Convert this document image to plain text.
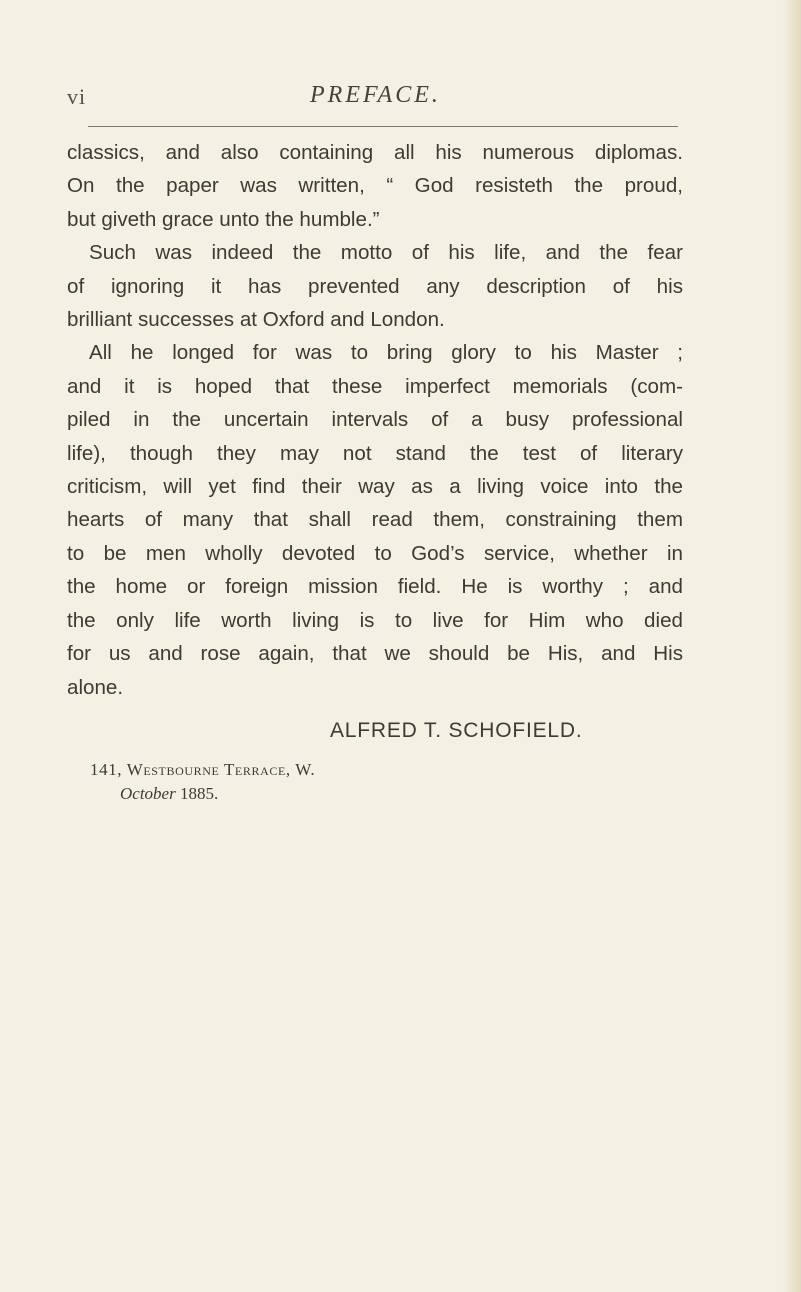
vi	PREFACE.
classics, and also containing all his numerous diplomas.
On the paper was written, “ God resisteth the proud,
but giveth grace unto the humble.”
Such was indeed the motto of his life, and the fear
of ignoring it has prevented any description of his
brilliant successes at Oxford and London.
All he longed for was to bring glory to his Master ;
and it is hoped that these imperfect memorials (com-
piled in the uncertain intervals of a busy professional
life), though they may not stand the test of literary
criticism, will yet find their way as a living voice into the
hearts of many that shall read them, constraining them
to be men wholly devoted to God’s service, whether in
the home or foreign mission field. He is worthy ; and
the only life worth living is to live for Him who died
for us and rose again, that we should be His, and His
alone.
ALFRED T. SCHOFIELD.
141, Westbourne Terrace, W.
October 1885.
